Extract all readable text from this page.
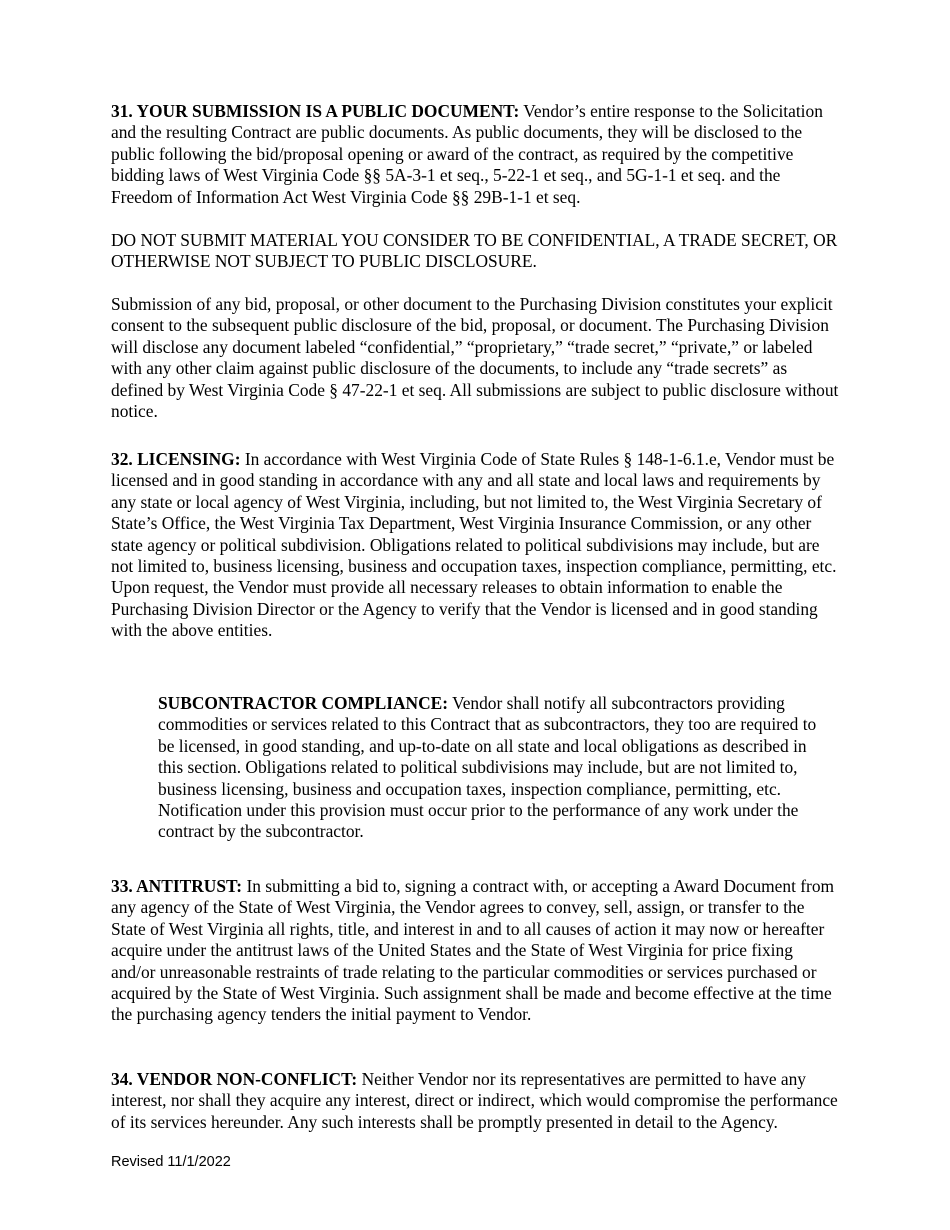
31. YOUR SUBMISSION IS A PUBLIC DOCUMENT: Vendor’s entire response to the Solicitation and the resulting Contract are public documents. As public documents, they will be disclosed to the public following the bid/proposal opening or award of the contract, as required by the competitive bidding laws of West Virginia Code §§ 5A-3-1 et seq., 5-22-1 et seq., and 5G-1-1 et seq. and the Freedom of Information Act West Virginia Code §§ 29B-1-1 et seq.

DO NOT SUBMIT MATERIAL YOU CONSIDER TO BE CONFIDENTIAL, A TRADE SECRET, OR OTHERWISE NOT SUBJECT TO PUBLIC DISCLOSURE.

Submission of any bid, proposal, or other document to the Purchasing Division constitutes your explicit consent to the subsequent public disclosure of the bid, proposal, or document. The Purchasing Division will disclose any document labeled “confidential,” “proprietary,” “trade secret,” “private,” or labeled with any other claim against public disclosure of the documents, to include any “trade secrets” as defined by West Virginia Code § 47-22-1 et seq. All submissions are subject to public disclosure without notice.

32. LICENSING: In accordance with West Virginia Code of State Rules § 148-1-6.1.e, Vendor must be licensed and in good standing in accordance with any and all state and local laws and requirements by any state or local agency of West Virginia, including, but not limited to, the West Virginia Secretary of State’s Office, the West Virginia Tax Department, West Virginia Insurance Commission, or any other state agency or political subdivision. Obligations related to political subdivisions may include, but are not limited to, business licensing, business and occupation taxes, inspection compliance, permitting, etc. Upon request, the Vendor must provide all necessary releases to obtain information to enable the Purchasing Division Director or the Agency to verify that the Vendor is licensed and in good standing with the above entities.

SUBCONTRACTOR COMPLIANCE: Vendor shall notify all subcontractors providing commodities or services related to this Contract that as subcontractors, they too are required to be licensed, in good standing, and up-to-date on all state and local obligations as described in this section. Obligations related to political subdivisions may include, but are not limited to, business licensing, business and occupation taxes, inspection compliance, permitting, etc. Notification under this provision must occur prior to the performance of any work under the contract by the subcontractor.

33. ANTITRUST: In submitting a bid to, signing a contract with, or accepting a Award Document from any agency of the State of West Virginia, the Vendor agrees to convey, sell, assign, or transfer to the State of West Virginia all rights, title, and interest in and to all causes of action it may now or hereafter acquire under the antitrust laws of the United States and the State of West Virginia for price fixing and/or unreasonable restraints of trade relating to the particular commodities or services purchased or acquired by the State of West Virginia. Such assignment shall be made and become effective at the time the purchasing agency tenders the initial payment to Vendor.

34. VENDOR NON-CONFLICT: Neither Vendor nor its representatives are permitted to have any interest, nor shall they acquire any interest, direct or indirect, which would compromise the performance of its services hereunder. Any such interests shall be promptly presented in detail to the Agency.

Revised 11/1/2022
